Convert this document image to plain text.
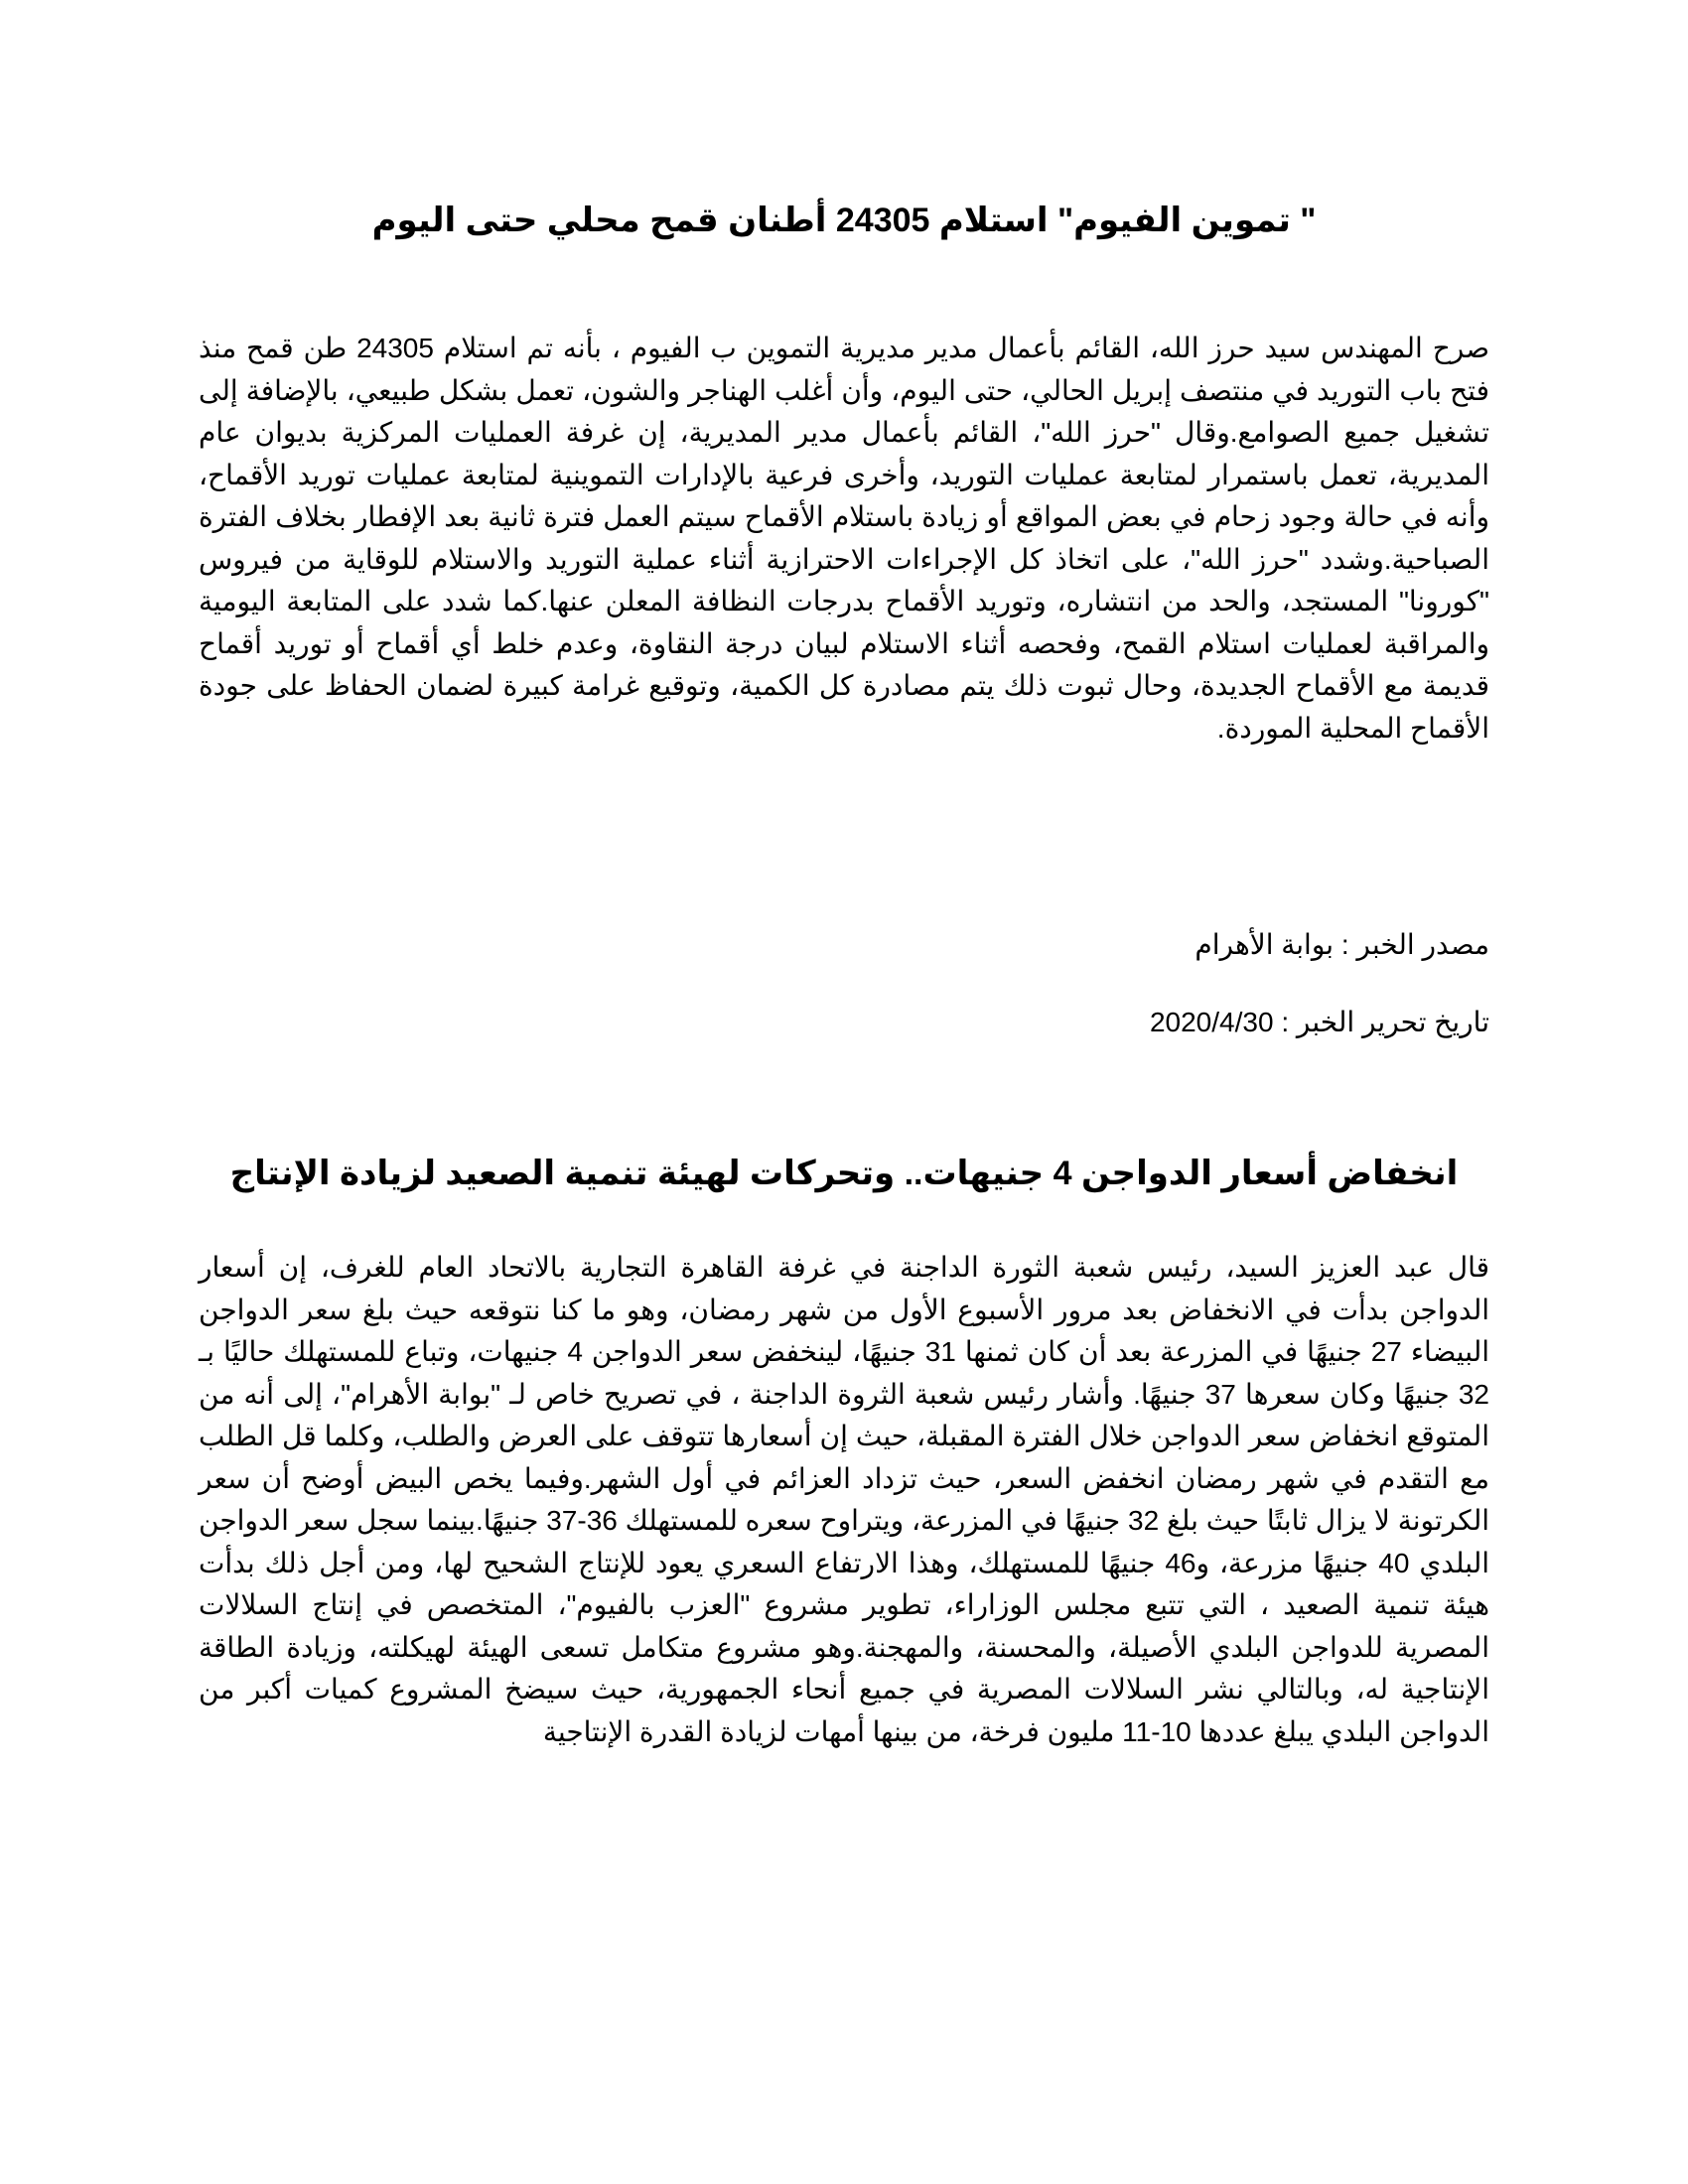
" تموين الفيوم" استلام 24305 أطنان قمح محلي حتى اليوم

صرح المهندس سيد حرز الله، القائم بأعمال مدير مديرية التموين ب الفيوم ، بأنه تم استلام 24305 طن قمح منذ فتح باب التوريد في منتصف إبريل الحالي، حتى اليوم، وأن أغلب الهناجر والشون، تعمل بشكل طبيعي، بالإضافة إلى تشغيل جميع الصوامع.وقال "حرز الله"، القائم بأعمال مدير المديرية، إن غرفة العمليات المركزية بديوان عام المديرية، تعمل باستمرار لمتابعة عمليات التوريد، وأخرى فرعية بالإدارات التموينية لمتابعة عمليات توريد الأقماح، وأنه في حالة وجود زحام في بعض المواقع أو زيادة باستلام الأقماح سيتم العمل فترة ثانية بعد الإفطار بخلاف الفترة الصباحية.وشدد "حرز الله"، على اتخاذ كل الإجراءات الاحترازية أثناء عملية التوريد والاستلام للوقاية من فيروس "كورونا" المستجد، والحد من انتشاره، وتوريد الأقماح بدرجات النظافة المعلن عنها.كما شدد على المتابعة اليومية والمراقبة لعمليات استلام القمح، وفحصه أثناء الاستلام لبيان درجة النقاوة، وعدم خلط أي أقماح أو توريد أقماح قديمة مع الأقماح الجديدة، وحال ثبوت ذلك يتم مصادرة كل الكمية، وتوقيع غرامة كبيرة لضمان الحفاظ على جودة الأقماح المحلية الموردة.

مصدر الخبر : بوابة الأهرام

تاريخ تحرير الخبر : 2020/4/30

انخفاض أسعار الدواجن 4 جنيهات.. وتحركات لهيئة تنمية الصعيد لزيادة الإنتاج

قال عبد العزيز السيد، رئيس شعبة الثورة الداجنة في غرفة القاهرة التجارية بالاتحاد العام للغرف، إن أسعار الدواجن بدأت في الانخفاض بعد مرور الأسبوع الأول من شهر رمضان، وهو ما كنا نتوقعه حيث بلغ سعر الدواجن البيضاء 27 جنيهًا في المزرعة بعد أن كان ثمنها 31 جنيهًا، لينخفض سعر الدواجن 4 جنيهات، وتباع للمستهلك حاليًا بـ 32 جنيهًا وكان سعرها 37 جنيهًا. وأشار رئيس شعبة الثروة الداجنة ، في تصريح خاص لـ "بوابة الأهرام"، إلى أنه من المتوقع انخفاض سعر الدواجن خلال الفترة المقبلة، حيث إن أسعارها تتوقف على العرض والطلب، وكلما قل الطلب مع التقدم في شهر رمضان انخفض السعر، حيث تزداد العزائم في أول الشهر.وفيما يخص البيض أوضح أن سعر الكرتونة لا يزال ثابتًا حيث بلغ 32 جنيهًا في المزرعة، ويتراوح سعره للمستهلك 36-37 جنيهًا.بينما سجل سعر الدواجن البلدي 40 جنيهًا مزرعة، و46 جنيهًا للمستهلك، وهذا الارتفاع السعري يعود للإنتاج الشحيح لها، ومن أجل ذلك بدأت هيئة تنمية الصعيد ، التي تتبع مجلس الوزاراء، تطوير مشروع "العزب بالفيوم"، المتخصص في إنتاج السلالات المصرية للدواجن البلدي الأصيلة، والمحسنة، والمهجنة.وهو مشروع متكامل تسعى الهيئة لهيكلته، وزيادة الطاقة الإنتاجية له، وبالتالي نشر السلالات المصرية في جميع أنحاء الجمهورية، حيث سيضخ المشروع كميات أكبر من الدواجن البلدي يبلغ عددها 10-11 مليون فرخة، من بينها أمهات لزيادة القدرة الإنتاجية
